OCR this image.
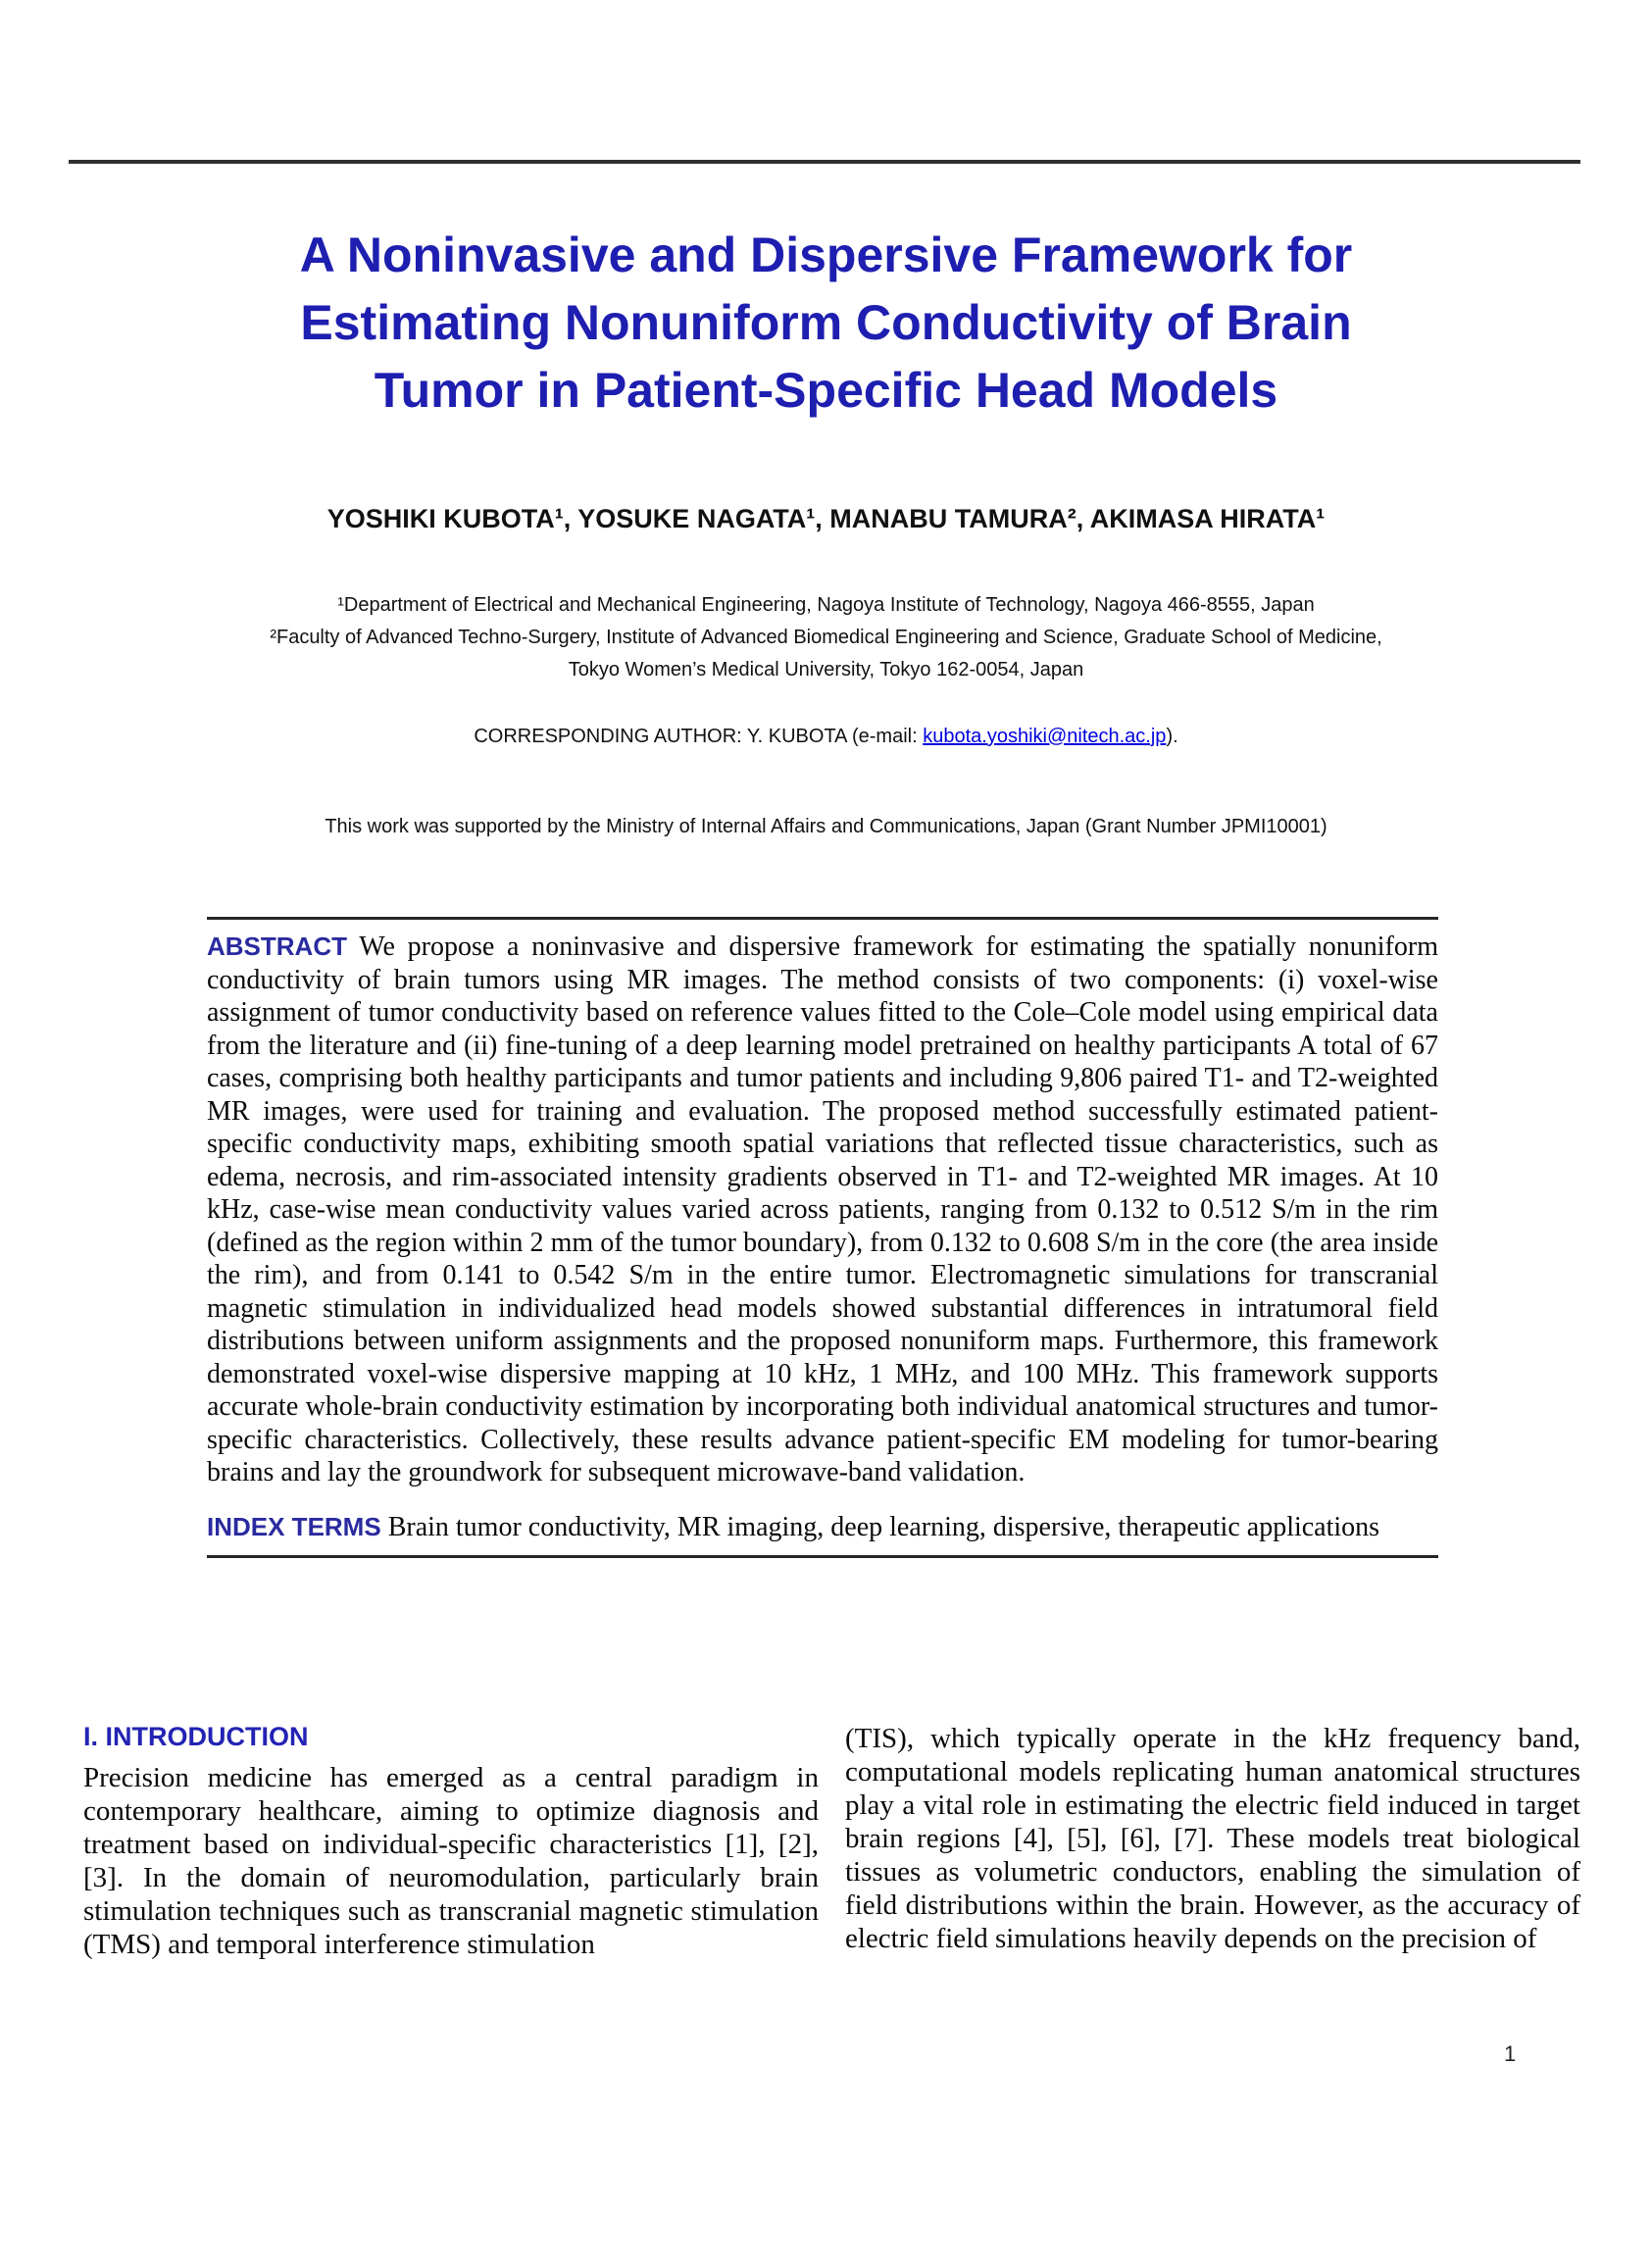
A Noninvasive and Dispersive Framework for
Estimating Nonuniform Conductivity of Brain
Tumor in Patient-Specific Head Models
YOSHIKI KUBOTA¹, YOSUKE NAGATA¹, MANABU TAMURA², AKIMASA HIRATA¹
¹Department of Electrical and Mechanical Engineering, Nagoya Institute of Technology, Nagoya 466-8555, Japan
²Faculty of Advanced Techno-Surgery, Institute of Advanced Biomedical Engineering and Science, Graduate School of Medicine,
Tokyo Women’s Medical University, Tokyo 162-0054, Japan
CORRESPONDING AUTHOR: Y. KUBOTA (e-mail: kubota.yoshiki@nitech.ac.jp).
This work was supported by the Ministry of Internal Affairs and Communications, Japan (Grant Number JPMI10001)

ABSTRACT We propose a noninvasive and dispersive framework for estimating the spatially nonuniform conductivity of brain tumors using MR images. The method consists of two components: (i) voxel-wise assignment of tumor conductivity based on reference values fitted to the Cole–Cole model using empirical data from the literature and (ii) fine-tuning of a deep learning model pretrained on healthy participants A total of 67 cases, comprising both healthy participants and tumor patients and including 9,806 paired T1- and T2-weighted MR images, were used for training and evaluation. The proposed method successfully estimated patient-specific conductivity maps, exhibiting smooth spatial variations that reflected tissue characteristics, such as edema, necrosis, and rim-associated intensity gradients observed in T1- and T2-weighted MR images. At 10 kHz, case-wise mean conductivity values varied across patients, ranging from 0.132 to 0.512 S/m in the rim (defined as the region within 2 mm of the tumor boundary), from 0.132 to 0.608 S/m in the core (the area inside the rim), and from 0.141 to 0.542 S/m in the entire tumor. Electromagnetic simulations for transcranial magnetic stimulation in individualized head models showed substantial differences in intratumoral field distributions between uniform assignments and the proposed nonuniform maps. Furthermore, this framework demonstrated voxel-wise dispersive mapping at 10 kHz, 1 MHz, and 100 MHz. This framework supports accurate whole-brain conductivity estimation by incorporating both individual anatomical structures and tumor-specific characteristics. Collectively, these results advance patient-specific EM modeling for tumor-bearing brains and lay the groundwork for subsequent microwave-band validation.

INDEX TERMS Brain tumor conductivity, MR imaging, deep learning, dispersive, therapeutic applications

I. INTRODUCTION

Precision medicine has emerged as a central paradigm in contemporary healthcare, aiming to optimize diagnosis and treatment based on individual-specific characteristics [1], [2], [3]. In the domain of neuromodulation, particularly brain stimulation techniques such as transcranial magnetic stimulation (TMS) and temporal interference stimulation

(TIS), which typically operate in the kHz frequency band, computational models replicating human anatomical structures play a vital role in estimating the electric field induced in target brain regions [4], [5], [6], [7]. These models treat biological tissues as volumetric conductors, enabling the simulation of field distributions within the brain. However, as the accuracy of electric field simulations heavily depends on the precision of

1
